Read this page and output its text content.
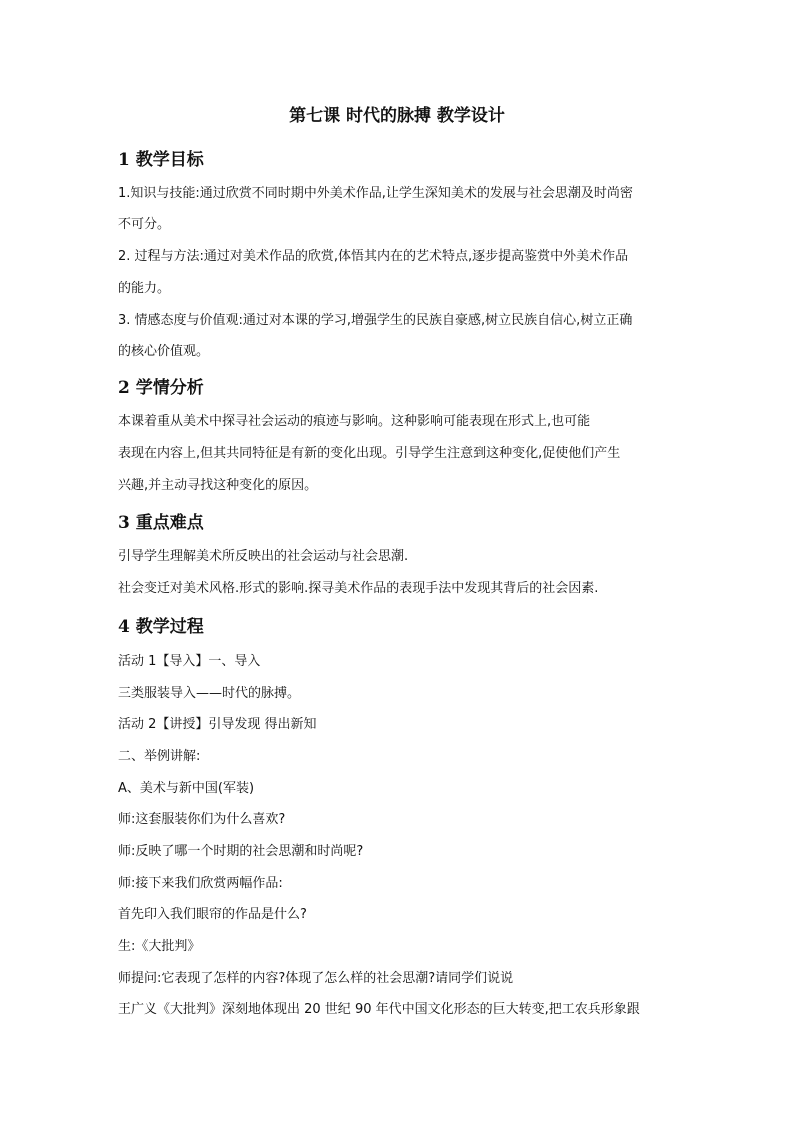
第七课 时代的脉搏 教学设计
1 教学目标

1.知识与技能:通过欣赏不同时期中外美术作品,让学生深知美术的发展与社会思潮及时尚密

不可分。

2. 过程与方法:通过对美术作品的欣赏,体悟其内在的艺术特点,逐步提高鉴赏中外美术作品

的能力。

3. 情感态度与价值观:通过对本课的学习,增强学生的民族自豪感,树立民族自信心,树立正确

的核心价值观。

2 学情分析

本课着重从美术中探寻社会运动的痕迹与影响。这种影响可能表现在形式上,也可能

表现在内容上,但其共同特征是有新的变化出现。引导学生注意到这种变化,促使他们产生

兴趣,并主动寻找这种变化的原因。

3 重点难点

引导学生理解美术所反映出的社会运动与社会思潮.

社会变迁对美术风格.形式的影响.探寻美术作品的表现手法中发现其背后的社会因素.

4 教学过程

活动 1【导入】一、导入

三类服装导入——时代的脉搏。

活动 2【讲授】引导发现 得出新知

二、举例讲解:

A、美术与新中国(军装)

师:这套服装你们为什么喜欢?

师:反映了哪一个时期的社会思潮和时尚呢?

师:接下来我们欣赏两幅作品:

首先印入我们眼帘的作品是什么?

生:《大批判》

师提问:它表现了怎样的内容?体现了怎么样的社会思潮?请同学们说说

王广义《大批判》深刻地体现出 20 世纪 90 年代中国文化形态的巨大转变,把工农兵形象跟
